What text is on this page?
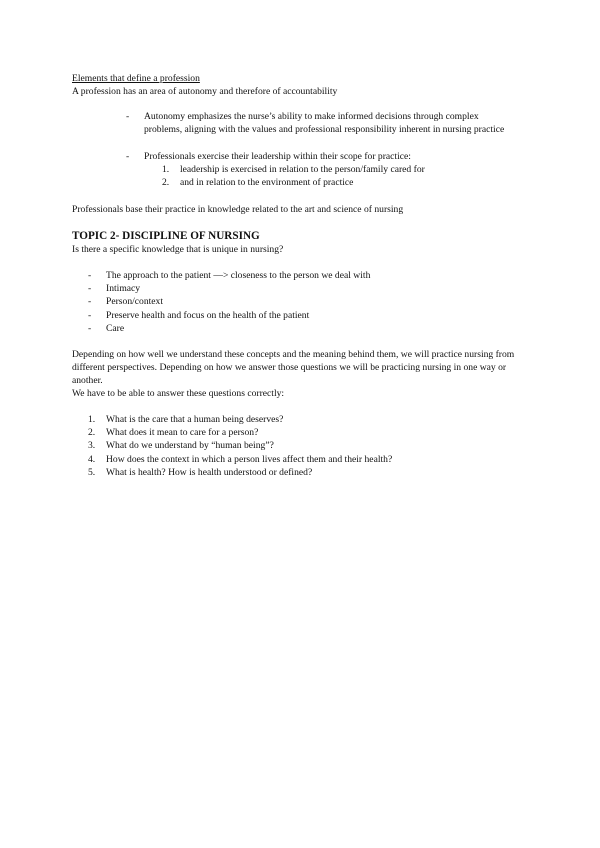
Elements that define a profession
A profession has an area of autonomy and therefore of accountability
-	Autonomy emphasizes the nurse’s ability to make informed decisions through complex problems, aligning with the values and professional responsibility inherent in nursing practice
-	Professionals exercise their leadership within their scope for practice:
1.	leadership is exercised in relation to the person/family cared for
2.	and in relation to the environment of practice
Professionals base their practice in knowledge related to the art and science of nursing
TOPIC 2- DISCIPLINE OF NURSING
Is there a specific knowledge that is unique in nursing?
-	The approach to the patient —> closeness to the person we deal with
-	Intimacy
-	Person/context
-	Preserve health and focus on the health of the patient
-	Care
Depending on how well we understand these concepts and the meaning behind them, we will practice nursing from different perspectives. Depending on how we answer those questions we will be practicing nursing in one way or another.
We have to be able to answer these questions correctly:
1.	What is the care that a human being deserves?
2.	What does it mean to care for a person?
3.	What do we understand by “human being”?
4.	How does the context in which a person lives affect them and their health?
5.	What is health? How is health understood or defined?
